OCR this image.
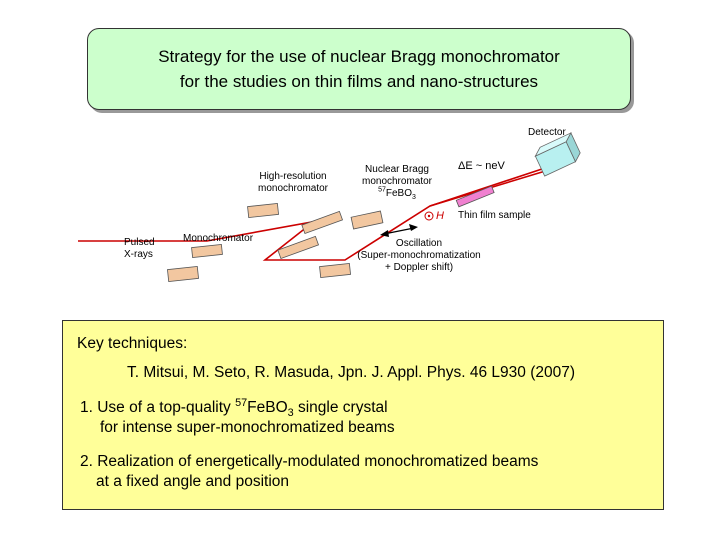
Strategy for the use of nuclear Bragg monochromator
for the studies on thin films and nano-structures
Detector
High-resolution
monochromator
Nuclear Bragg
monochromator
$^{57}$FeBO$_3$
ΔE ~ neV
H Thin film sample
Pulsed
X-rays
Monochromator	Oscillation
(Super-monochromatization
+ Doppler shift)
Key techniques:
T. Mitsui, M. Seto, R. Masuda, Jpn. J. Appl. Phys. 46 L930 (2007)
1. Use of a top-quality $^{57}$FeBO$_3$ single crystal
for intense super-monochromatized beams
2. Realization of energetically-modulated monochromatized beams
at a fixed angle and position
